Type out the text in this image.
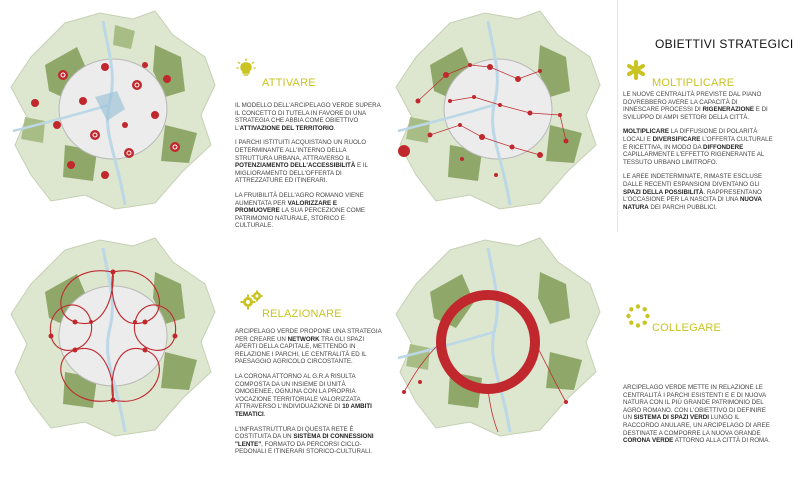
OBIETTIVI STRATEGICI
ATTIVARE	MOLTIPLICARE
RELAZIONARE
COLLEGARE

IL MODELLO DELL'ARCIPELAGO VERDE SUPERA IL CONCETTO DI TUTELA IN FAVORE DI UNA STRATEGIA CHE ABBIA COME OBIETTIVO L'ATTIVAZIONE DEL TERRITORIO.

I PARCHI ISTITUITI ACQUISTANO UN RUOLO DETERMINANTE ALL'INTERNO DELLA STRUTTURA URBANA, ATTRAVERSO IL POTENZIAMENTO DELL'ACCESSIBILITÀ E IL MIGLIORAMENTO DELL'OFFERTA DI ATTREZZATURE ED ITINERARI.

LA FRUIBILITÀ DELL'AGRO ROMANO VIENE AUMENTATA PER VALORIZZARE E PROMUOVERE LA SUA PERCEZIONE COME PATRIMONIO NATURALE, STORICO E CULTURALE.

LE NUOVE CENTRALITÀ PREVISTE DAL PIANO DOVREBBERO AVERE LA CAPACITÀ DI INNESCARE PROCESSI DI RIGENERAZIONE E DI SVILUPPO DI AMPI SETTORI DELLA CITTÀ.

MOLTIPLICARE LA DIFFUSIONE DI POLARITÀ LOCALI E DIVERSIFICARE L'OFFERTA CULTURALE E RICETTIVA, IN MODO DA DIFFONDERE CAPILLARMENTE L'EFFETTO RIGENERANTE AL TESSUTO URBANO LIMITROFO.

LE AREE INDETERMINATE, RIMASTE ESCLUSE DALLE RECENTI ESPANSIONI DIVENTANO GLI SPAZI DELLA POSSIBILITÀ. RAPPRESENTANO L'OCCASIONE PER LA NASCITA DI UNA NUOVA NATURA DEI PARCHI PUBBLICI.

ARCIPELAGO VERDE PROPONE UNA STRATEGIA PER CREARE UN NETWORK TRA GLI SPAZI APERTI DELLA CAPITALE, METTENDO IN RELAZIONE I PARCHI, LE CENTRALITÀ ED IL PAESAGGIO AGRICOLO CIRCOSTANTE.

LA CORONA ATTORNO AL G.R.A RISULTA COMPOSTA DA UN INSIEME DI UNITÀ OMOGENEE, OGNUNA CON LA PROPRIA VOCAZIONE TERRITORIALE VALORIZZATA ATTRAVERSO L'INDIVIDUAZIONE DI 10 AMBITI TEMATICI.

L'INFRASTRUTTURA DI QUESTA RETE È COSTITUITA DA UN SISTEMA DI CONNESSIONI "LENTE", FORMATO DA PERCORSI CICLO-PEDONALI E ITINERARI STORICO-CULTURALI.

ARCIPELAGO VERDE METTE IN RELAZIONE LE CENTRALITÀ I PARCHI ESISTENTI E E DI NUOVA NATURA CON IL PIÙ GRANDE PATRIMONIO DEL AGRO ROMANO. CON L'OBIETTIVO DI DEFINIRE UN SISTEMA DI SPAZI VERDI LUNGO IL RACCORDO ANULARE, UN ARCIPELAGO DI AREE DESTINATE A COMPORRE LA NUOVA GRANDE CORONA VERDE ATTORNO ALLA CITTÀ DI ROMA.
